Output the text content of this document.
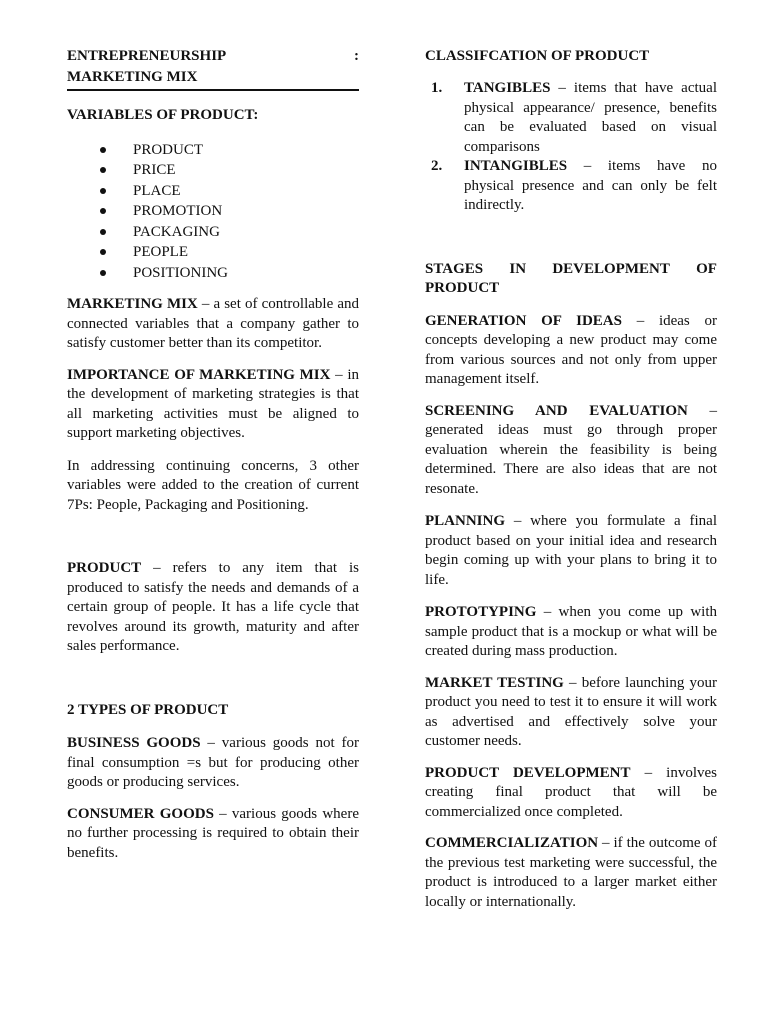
ENTREPRENEURSHIP	:
MARKETING MIX

VARIABLES OF PRODUCT:

PRODUCT
PRICE
PLACE
PROMOTION
PACKAGING
PEOPLE
POSITIONING

MARKETING MIX – a set of controllable and connected variables that a company gather to satisfy customer better than its competitor.

IMPORTANCE OF MARKETING MIX – in the development of marketing strategies is that all marketing activities must be aligned to support marketing objectives.

In addressing continuing concerns, 3 other variables were added to the creation of current 7Ps: People, Packaging and Positioning.

PRODUCT – refers to any item that is produced to satisfy the needs and demands of a certain group of people. It has a life cycle that revolves around its growth, maturity and after sales performance.

2 TYPES OF PRODUCT

BUSINESS GOODS – various goods not for final consumption =s but for producing other goods or producing services.

CONSUMER GOODS – various goods where no further processing is required to obtain their benefits.

CLASSIFCATION OF PRODUCT

1. TANGIBLES – items that have actual physical appearance/ presence, benefits can be evaluated based on visual comparisons

2. INTANGIBLES – items have no physical presence and can only be felt indirectly.

STAGES IN DEVELOPMENT OF
PRODUCT

GENERATION OF IDEAS – ideas or concepts developing a new product may come from various sources and not only from upper management itself.

SCREENING AND EVALUATION – generated ideas must go through proper evaluation wherein the feasibility is being determined. There are also ideas that are not resonate.

PLANNING – where you formulate a final product based on your initial idea and research begin coming up with your plans to bring it to life.

PROTOTYPING – when you come up with sample product that is a mockup or what will be created during mass production.

MARKET TESTING – before launching your product you need to test it to ensure it will work as advertised and effectively solve your customer needs.

PRODUCT DEVELOPMENT – involves creating final product that will be commercialized once completed.

COMMERCIALIZATION – if the outcome of the previous test marketing were successful, the product is introduced to a larger market either locally or internationally.
